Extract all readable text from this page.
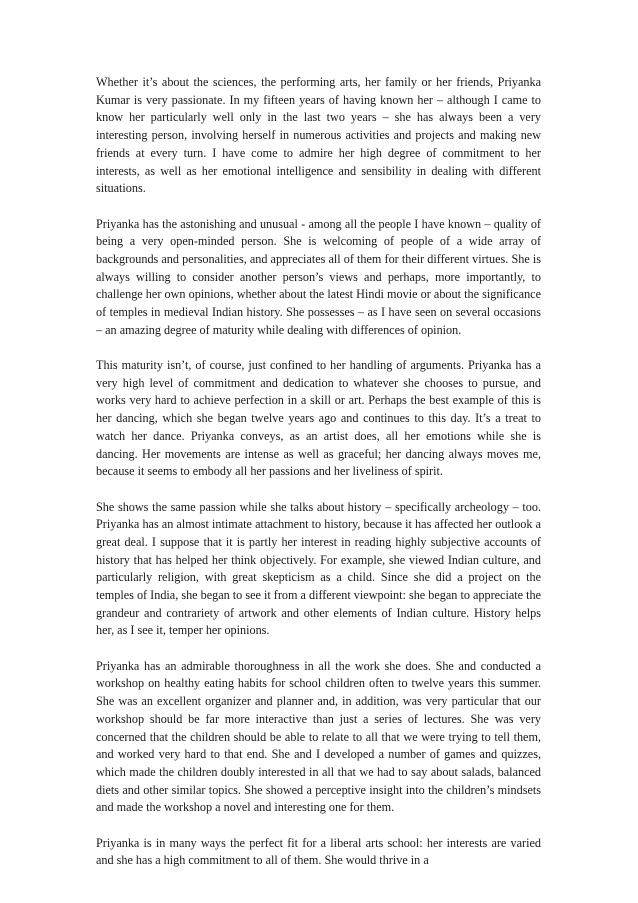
Whether it’s about the sciences, the performing arts, her family or her friends, Priyanka Kumar is very passionate. In my fifteen years of having known her – although I came to know her particularly well only in the last two years – she has always been a very interesting person, involving herself in numerous activities and projects and making new friends at every turn. I have come to admire her high degree of commitment to her interests, as well as her emotional intelligence and sensibility in dealing with different situations.

Priyanka has the astonishing and unusual - among all the people I have known – quality of being a very open-minded person. She is welcoming of people of a wide array of backgrounds and personalities, and appreciates all of them for their different virtues. She is always willing to consider another person’s views and perhaps, more importantly, to challenge her own opinions, whether about the latest Hindi movie or about the significance of temples in medieval Indian history. She possesses – as I have seen on several occasions – an amazing degree of maturity while dealing with differences of opinion.

This maturity isn’t, of course, just confined to her handling of arguments. Priyanka has a very high level of commitment and dedication to whatever she chooses to pursue, and works very hard to achieve perfection in a skill or art. Perhaps the best example of this is her dancing, which she began twelve years ago and continues to this day. It’s a treat to watch her dance. Priyanka conveys, as an artist does, all her emotions while she is dancing. Her movements are intense as well as graceful; her dancing always moves me, because it seems to embody all her passions and her liveliness of spirit.

She shows the same passion while she talks about history – specifically archeology – too. Priyanka has an almost intimate attachment to history, because it has affected her outlook a great deal. I suppose that it is partly her interest in reading highly subjective accounts of history that has helped her think objectively. For example, she viewed Indian culture, and particularly religion, with great skepticism as a child. Since she did a project on the temples of India, she began to see it from a different viewpoint: she began to appreciate the grandeur and contrariety of artwork and other elements of Indian culture. History helps her, as I see it, temper her opinions.

Priyanka has an admirable thoroughness in all the work she does. She and conducted a workshop on healthy eating habits for school children often to twelve years this summer. She was an excellent organizer and planner and, in addition, was very particular that our workshop should be far more interactive than just a series of lectures. She was very concerned that the children should be able to relate to all that we were trying to tell them, and worked very hard to that end. She and I developed a number of games and quizzes, which made the children doubly interested in all that we had to say about salads, balanced diets and other similar topics. She showed a perceptive insight into the children’s mindsets and made the workshop a novel and interesting one for them.

Priyanka is in many ways the perfect fit for a liberal arts school: her interests are varied and she has a high commitment to all of them. She would thrive in a
